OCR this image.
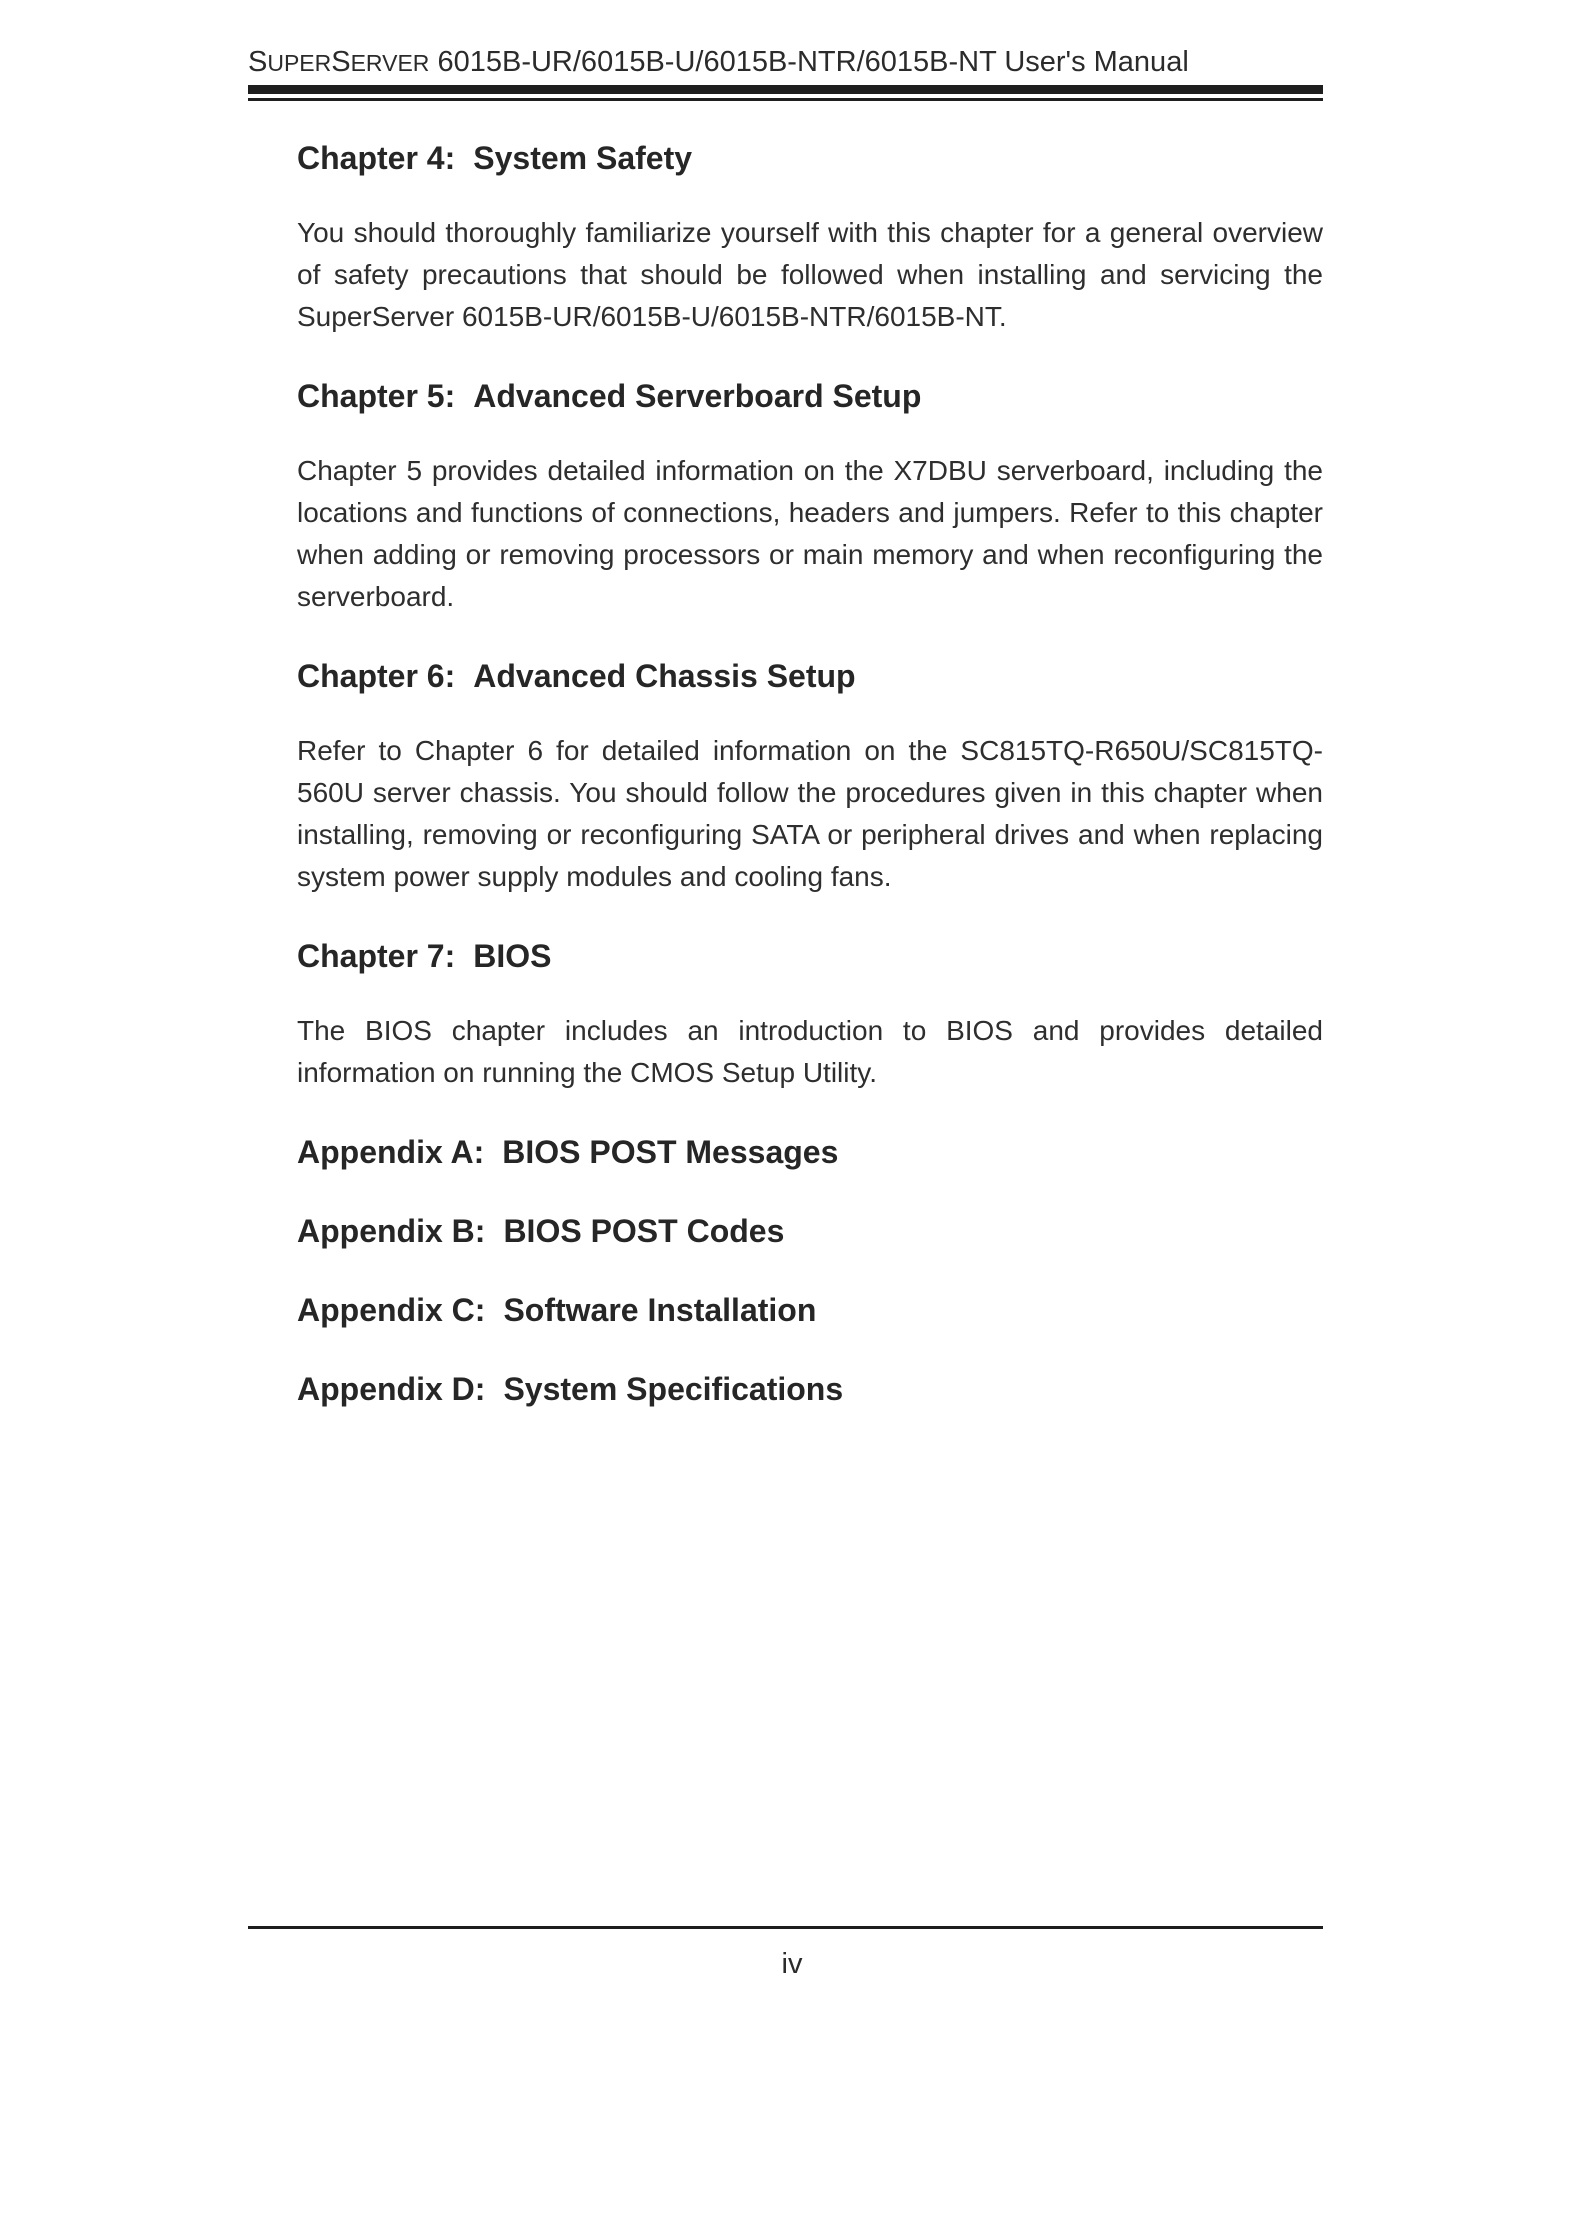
SUPERSERVER 6015B-UR/6015B-U/6015B-NTR/6015B-NT User's Manual
Chapter 4: System Safety

You should thoroughly familiarize yourself with this chapter for a general overview of safety precautions that should be followed when installing and servicing the SuperServer 6015B-UR/6015B-U/6015B-NTR/6015B-NT.

Chapter 5: Advanced Serverboard Setup

Chapter 5 provides detailed information on the X7DBU serverboard, including the locations and functions of connections, headers and jumpers. Refer to this chapter when adding or removing processors or main memory and when reconfiguring the serverboard.

Chapter 6: Advanced Chassis Setup

Refer to Chapter 6 for detailed information on the SC815TQ-R650U/SC815TQ-560U server chassis. You should follow the procedures given in this chapter when installing, removing or reconfiguring SATA or peripheral drives and when replacing system power supply modules and cooling fans.

Chapter 7: BIOS

The BIOS chapter includes an introduction to BIOS and provides detailed information on running the CMOS Setup Utility.

Appendix A: BIOS POST Messages
Appendix B: BIOS POST Codes
Appendix C: Software Installation
Appendix D: System Specifications
iv
